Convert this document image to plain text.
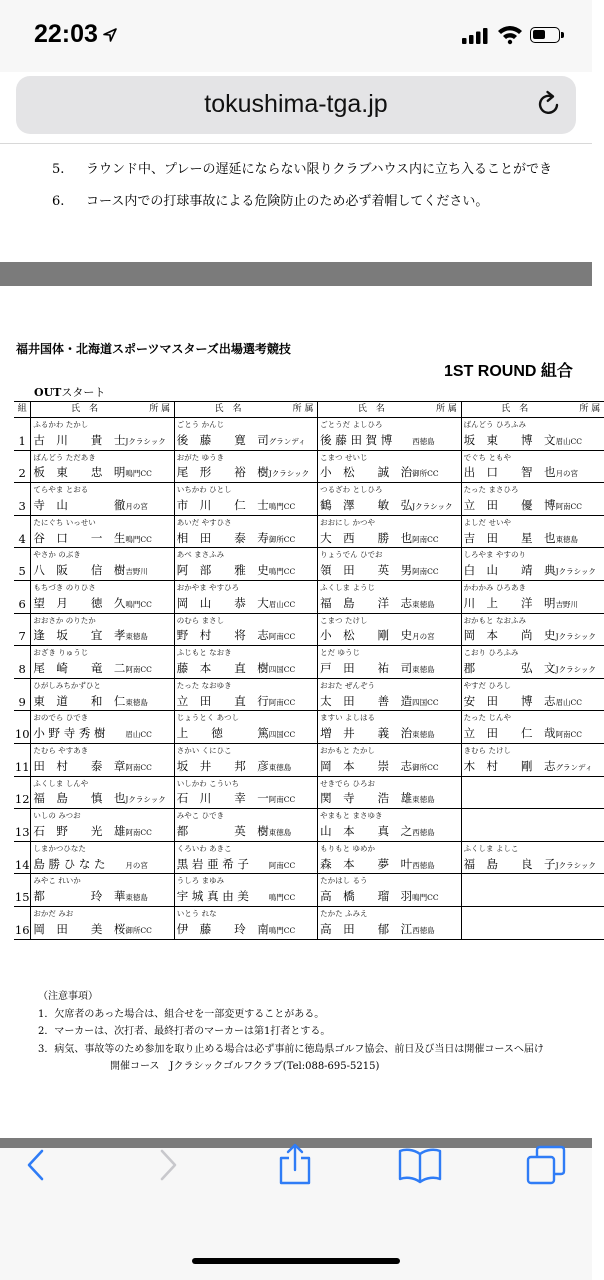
22:03
tokushima-tga.jp
5. ラウンド中、プレーの遅延にならない限りクラブハウス内に立ち入ることができ
6. コース内での打球事故による危険防止のため必ず着帽してください。
福井国体・北海道スポーツマスターズ出場選考競技
1ST ROUND 組合
OUTスタート
組	氏　名 所 属	氏　名 所 属	氏　名 所 属	氏　名 所 属
	ふるかわ たかし	ごとう かんじ	ごとうだ よしひろ	ばんどう ひろふみ
1	古　川　　貴　士Jクラシック	後　藤　　寛　司グランディ	後 藤 田 賀 博 西徳島	坂　東　　博　文眉山CC
	ばんどう ただあき	おがた ゆうき	こまつ せいじ	でぐち ともや
2	板　東　　忠　明鳴門CC	尾　形　　裕　樹Jクラシック	小　松　　誠　治御所CC	出　口　　智　也月の宮
	てらやま とおる	いちかわ ひとし	つるざわ としひろ	たった まさひろ
3	寺　山　　　　徹月の宮	市　川　　仁　士鳴門CC	鶴　澤　　敏　弘Jクラシック	立　田　　優　博阿南CC
	たにぐち いっせい	あいだ やすひさ	おおにし かつや	よしだ せいや
4	谷　口　　一　生鳴門CC	相　田　　泰　寿御所CC	大　西　　勝　也阿南CC	吉　田　　星　也東徳島
	やさか のぶき	あべ まさふみ	りょうでん ひでお	しろやま やすのり
5	八　阪　　信　樹吉野川	阿　部　　雅　史鳴門CC	領　田　　英　男阿南CC	白　山　　靖　典Jクラシック
	もちづき のりひさ	おかやま やすひろ	ふくしま ようじ	かわかみ ひろあき
6	望　月　　徳　久鳴門CC	岡　山　　恭　大眉山CC	福　島　　洋　志東徳島	川　上　　洋　明吉野川
	おおさか のりたか	のむら まさし	こまつ たけし	おかもと なおふみ
7	逢　坂　　宜　孝東徳島	野　村　　将　志阿南CC	小　松　　剛　史月の宮	岡　本　　尚　史Jクラシック
	おざき りゅうじ	ふじもと なおき	とだ ゆうじ	こおり ひろふみ
8	尾　崎　　竜　二阿南CC	藤　本　　直　樹四国CC	戸　田　　祐　司東徳島	郡　　　　弘　文Jクラシック
	ひがしみちかずひと	たった なおゆき	おおた ぜんぞう	やすだ ひろし
9	東　道　　和　仁東徳島	立　田　　直　行阿南CC	太　田　　善　造四国CC	安　田　　博　志眉山CC
	おのでら ひでき	じょうとく あつし	ますい よしはる	たった じんや
10	小 野 寺 秀 樹 眉山CC	上　　徳　　　篤四国CC	増　井　　義　治東徳島	立　田　　仁　哉阿南CC
	たむら やすあき	さかい くにひこ	おかもと たかし	きむら たけし
11	田　村　　泰　章阿南CC	坂　井　　邦　彦東徳島	岡　本　　崇　志御所CC	木　村　　剛　志グランディ
	ふくしま しんや	いしかわ こういち	せきでら ひろお	
12	福　島　　慎　也Jクラシック	石　川　　幸　一阿南CC	関　寺　　浩　雄東徳島	
	いしの みつお	みやこ ひでき	やまもと まさゆき	
13	石　野　　光　雄阿南CC	都　　　　英　樹東徳島	山　本　　真　之西徳島	
	しまかつひなた	くろいわ あきこ	もりもと ゆめか	ふくしま よしこ
14	島 勝 ひ な た 月の宮	黒 岩 亜 希 子 阿南CC	森　本　　夢　叶西徳島	福　島　　良　子Jクラシック
	みやこ れいか	うしろ まゆみ	たかはし るう	
15	都　　　　玲　華東徳島	宇 城 真 由 美 鳴門CC	高　橋　　瑠　羽鳴門CC	
	おかだ みお	いとう れな	たかた ふみえ	
16	岡　田　　美　桜御所CC	伊　藤　　玲　南鳴門CC	高　田　　郁　江西徳島	
（注意事項）
1．欠席者のあった場合は、組合せを一部変更することがある。
2．マーカーは、次打者、最終打者のマーカーは第1打者とする。
3．病気、事故等のため参加を取り止める場合は必ず事前に徳島県ゴルフ協会、前日及び当日は開催コースへ届け
開催コース　Jクラシックゴルフクラブ(Tel:088-695-5215)
